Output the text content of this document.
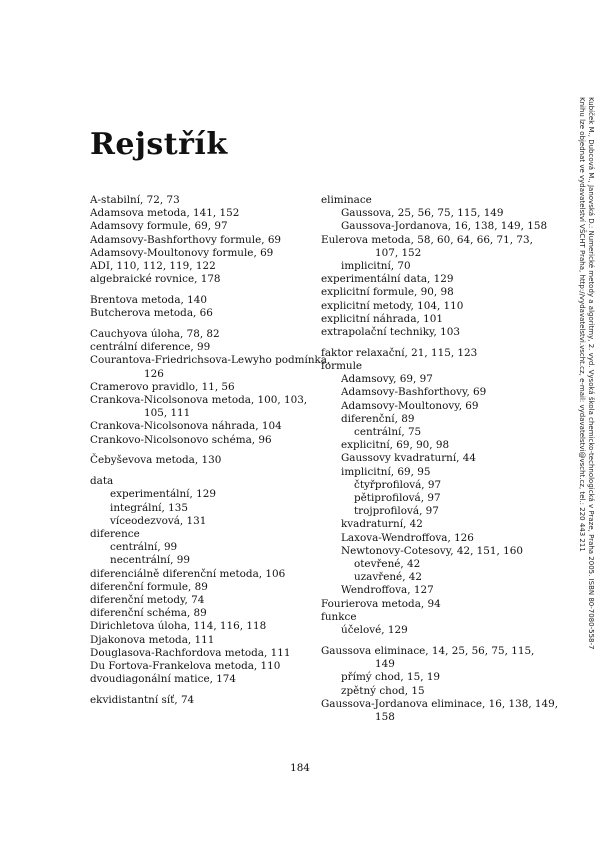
Rejstřík
A-stabilní, 72, 73
Adamsova metoda, 141, 152
Adamsovy formule, 69, 97
Adamsovy-Bashforthovy formule, 69
Adamsovy-Moultonovy formule, 69
ADI, 110, 112, 119, 122
algebraické rovnice, 178
Brentova metoda, 140
Butcherova metoda, 66
Cauchyova úloha, 78, 82
centrální diference, 99
Courantova-Friedrichsova-Lewyho podmínka,
126
Cramerovo pravidlo, 11, 56
Crankova-Nicolsonova metoda, 100, 103,
105, 111
Crankova-Nicolsonova náhrada, 104
Crankovo-Nicolsonovo schéma, 96
Čebyševova metoda, 130
data
experimentální, 129
integrální, 135
víceodezvová, 131
diference
centrální, 99
necentrální, 99
diferenciálně diferenční metoda, 106
diferenční formule, 89
diferenční metody, 74
diferenční schéma, 89
Dirichletova úloha, 114, 116, 118
Djakonova metoda, 111
Douglasova-Rachfordova metoda, 111
Du Fortova-Frankelova metoda, 110
dvoudiagonální matice, 174
ekvidistantní síť, 74
eliminace
Gaussova, 25, 56, 75, 115, 149
Gaussova-Jordanova, 16, 138, 149, 158
Eulerova metoda, 58, 60, 64, 66, 71, 73,
107, 152
implicitní, 70
experimentální data, 129
explicitní formule, 90, 98
explicitní metody, 104, 110
explicitní náhrada, 101
extrapolační techniky, 103
faktor relaxační, 21, 115, 123
formule
Adamsovy, 69, 97
Adamsovy-Bashforthovy, 69
Adamsovy-Moultonovy, 69
diferenční, 89
centrální, 75
explicitní, 69, 90, 98
Gaussovy kvadraturní, 44
implicitní, 69, 95
čtyřprofilová, 97
pětiprofilová, 97
trojprofilová, 97
kvadraturní, 42
Laxova-Wendroffova, 126
Newtonovy-Cotesovy, 42, 151, 160
otevřené, 42
uzavřené, 42
Wendroffova, 127
Fourierova metoda, 94
funkce
účelové, 129
Gaussova eliminace, 14, 25, 56, 75, 115,
149
přímý chod, 15, 19
zpětný chod, 15
Gaussova-Jordanova eliminace, 16, 138, 149,
158
184
Kubíček M., Dubcová M., Janovská D.: Numerické metody a algoritmy, 2. vyd. Vysoká škola chemicko-technologická v Praze, Praha 2005. ISBN 80-7080-558-7
Knihu lze objednat ve vydavatelství VŠCHT Praha, http://vydavatelstvi.vscht.cz, e-mail: vydavatelstvi@vscht.cz, tel.: 220 443 211
